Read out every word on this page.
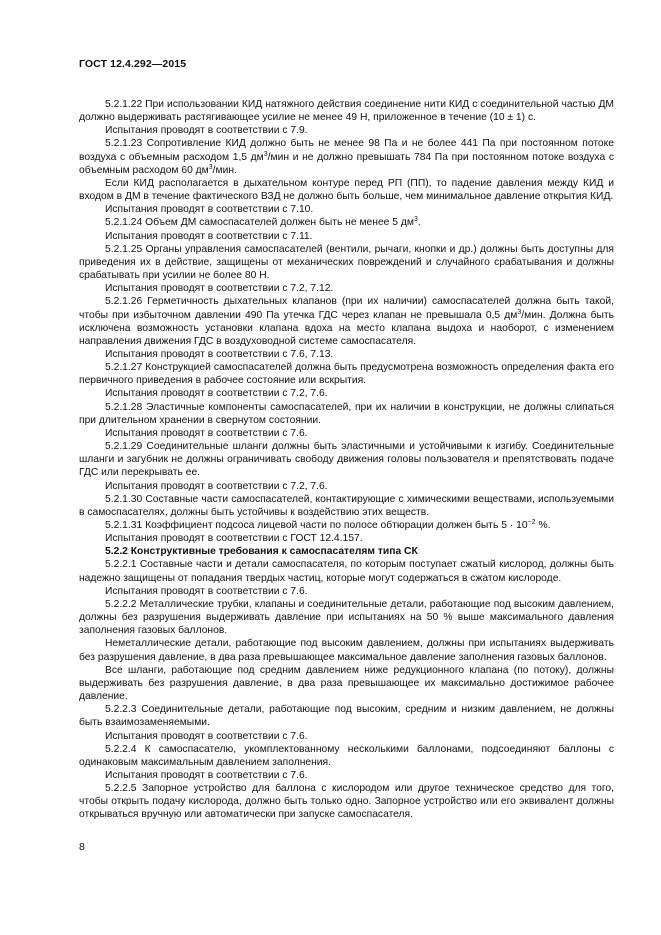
ГОСТ 12.4.292—2015

5.2.1.22 При использовании КИД натяжного действия соединение нити КИД с соединительной частью ДМ должно выдерживать растягивающее усилие не менее 49 Н, приложенное в течение (10 ± 1) с.

Испытания проводят в соответствии с 7.9.

5.2.1.23 Сопротивление КИД должно быть не менее 98 Па и не более 441 Па при постоянном потоке воздуха с объемным расходом 1,5 $дм^3$/мин и не должно превышать 784 Па при постоянном потоке воздуха с объемным расходом 60 $дм^3$/мин.

Если КИД располагается в дыхательном контуре перед РП (ПП), то падение давления между КИД и входом в ДМ в течение фактического ВЗД не должно быть больше, чем минимальное давление открытия КИД.

Испытания проводят в соответствии с 7.10.

5.2.1.24 Объем ДМ самоспасателей должен быть не менее 5 $дм^3$.

Испытания проводят в соответствии с 7.11.

5.2.1.25 Органы управления самоспасателей (вентили, рычаги, кнопки и др.) должны быть доступны для приведения их в действие, защищены от механических повреждений и случайного срабатывания и должны срабатывать при усилии не более 80 Н.

Испытания проводят в соответствии с 7.2, 7.12.

5.2.1.26 Герметичность дыхательных клапанов (при их наличии) самоспасателей должна быть такой, чтобы при избыточном давлении 490 Па утечка ГДС через клапан не превышала 0,5 $дм^3$/мин. Должна быть исключена возможность установки клапана вдоха на место клапана выдоха и наоборот, с изменением направления движения ГДС в воздуховодной системе самоспасателя.

Испытания проводят в соответствии с 7.6, 7.13.

5.2.1.27 Конструкцией самоспасателей должна быть предусмотрена возможность определения факта его первичного приведения в рабочее состояние или вскрытия.

Испытания проводят в соответствии с 7.2, 7.6.

5.2.1.28 Эластичные компоненты самоспасателей, при их наличии в конструкции, не должны слипаться при длительном хранении в свернутом состоянии.

Испытания проводят в соответствии с 7.6.

5.2.1.29 Соединительные шланги должны быть эластичными и устойчивыми к изгибу. Соединительные шланги и загубник не должны ограничивать свободу движения головы пользователя и препятствовать подаче ГДС или перекрывать ее.

Испытания проводят в соответствии с 7.2, 7.6.

5.2.1.30 Составные части самоспасателей, контактирующие с химическими веществами, используемыми в самоспасателях, должны быть устойчивы к воздействию этих веществ.

5.2.1.31 Коэффициент подсоса лицевой части по полосе обтюрации должен быть $5 \cdot 10^{-2}$ %.

Испытания проводят в соответствии с ГОСТ 12.4.157.

5.2.2 Конструктивные требования к самоспасателям типа СК

5.2.2.1 Составные части и детали самоспасателя, по которым поступает сжатый кислород, должны быть надежно защищены от попадания твердых частиц, которые могут содержаться в сжатом кислороде.

Испытания проводят в соответствии с 7.6.

5.2.2.2 Металлические трубки, клапаны и соединительные детали, работающие под высоким давлением, должны без разрушения выдерживать давление при испытаниях на 50 % выше максимального давления заполнения газовых баллонов.

Неметаллические детали, работающие под высоким давлением, должны при испытаниях выдерживать без разрушения давление, в два раза превышающее максимальное давление заполнения газовых баллонов.

Все шланги, работающие под средним давлением ниже редукционного клапана (по потоку), должны выдерживать без разрушения давление, в два раза превышающее их максимально достижимое рабочее давление.

5.2.2.3 Соединительные детали, работающие под высоким, средним и низким давлением, не должны быть взаимозаменяемыми.

Испытания проводят в соответствии с 7.6.

5.2.2.4 К самоспасателю, укомплектованному несколькими баллонами, подсоединяют баллоны с одинаковым максимальным давлением заполнения.

Испытания проводят в соответствии с 7.6.

5.2.2.5 Запорное устройство для баллона с кислородом или другое техническое средство для того, чтобы открыть подачу кислорода, должно быть только одно. Запорное устройство или его эквивалент должны открываться вручную или автоматически при запуске самоспасателя.

8
